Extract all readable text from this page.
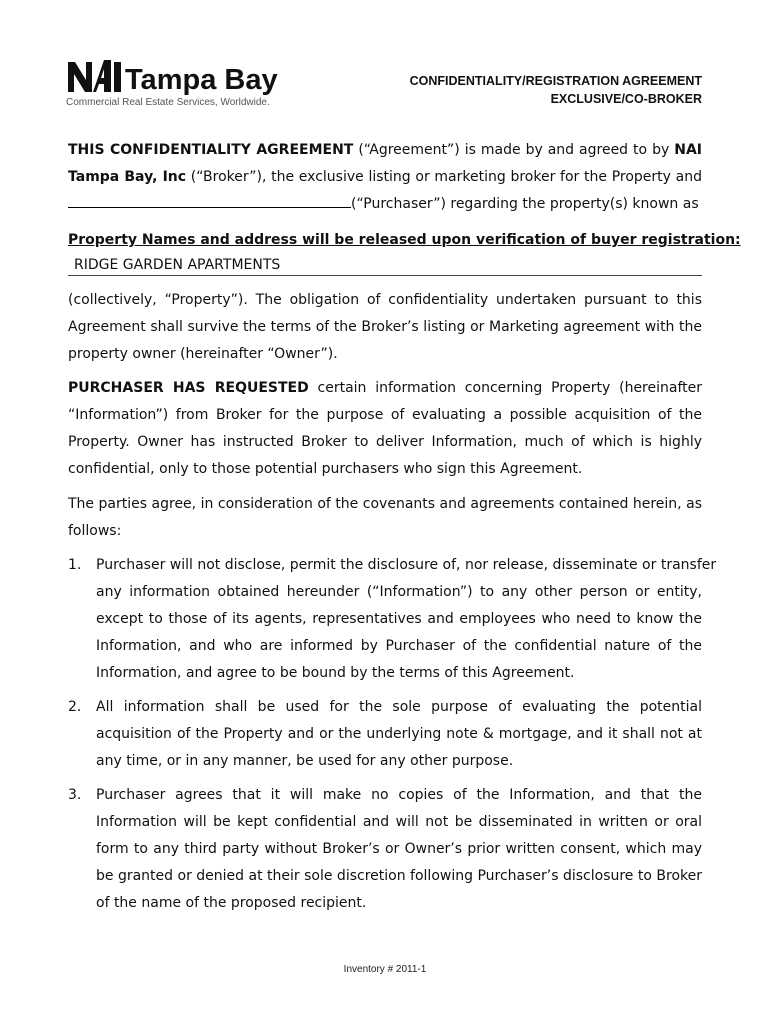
Tampa Bay
Commercial Real Estate Services, Worldwide.
CONFIDENTIALITY/REGISTRATION AGREEMENT
EXCLUSIVE/CO-BROKER
THIS CONFIDENTIALITY AGREEMENT (“Agreement”) is made by and agreed to by NAI
Tampa Bay, Inc (“Broker”), the exclusive listing or marketing broker for the Property and
(“Purchaser”) regarding the property(s) known as
Property Names and address will be released upon verification of buyer registration:
RIDGE GARDEN APARTMENTS
(collectively, “Property”). The obligation of confidentiality undertaken pursuant to this
Agreement shall survive the terms of the Broker’s listing or Marketing agreement with the
property owner (hereinafter “Owner”).
PURCHASER HAS REQUESTED certain information concerning Property (hereinafter
“Information”) from Broker for the purpose of evaluating a possible acquisition of the
Property. Owner has instructed Broker to deliver Information, much of which is highly
confidential, only to those potential purchasers who sign this Agreement.
The parties agree, in consideration of the covenants and agreements contained herein, as
follows:
1. Purchaser will not disclose, permit the disclosure of, nor release, disseminate or transfer
any information obtained hereunder (“Information”) to any other person or entity,
except to those of its agents, representatives and employees who need to know the
Information, and who are informed by Purchaser of the confidential nature of the
Information, and agree to be bound by the terms of this Agreement.
2. All information shall be used for the sole purpose of evaluating the potential
acquisition of the Property and or the underlying note & mortgage, and it shall not at
any time, or in any manner, be used for any other purpose.
3. Purchaser agrees that it will make no copies of the Information, and that the
Information will be kept confidential and will not be disseminated in written or oral
form to any third party without Broker’s or Owner’s prior written consent, which may
be granted or denied at their sole discretion following Purchaser’s disclosure to Broker
of the name of the proposed recipient.
Inventory # 2011-1
